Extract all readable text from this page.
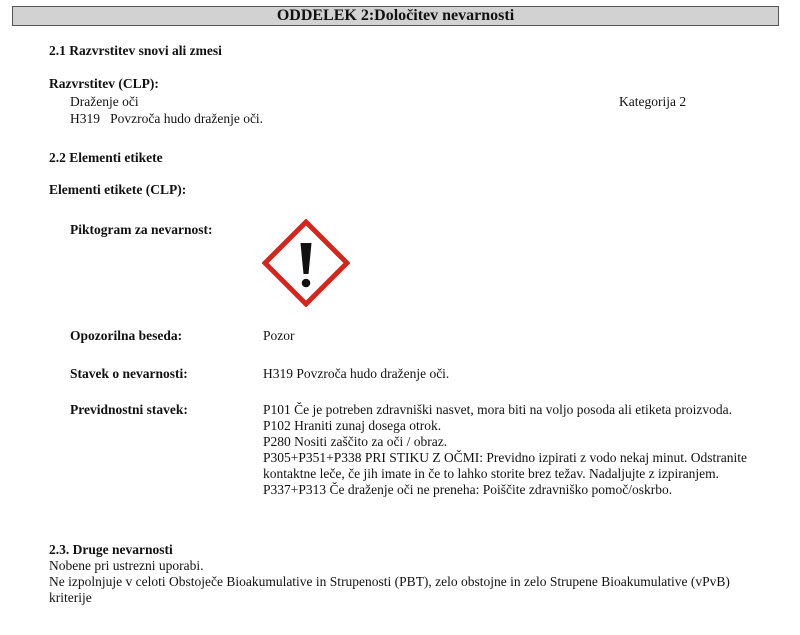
ODDELEK 2:Določitev nevarnosti
2.1 Razvrstitev snovi ali zmesi
Razvrstitev (CLP):
Draženje oči	Kategorija 2
H319 Povzroča hudo draženje oči.
2.2 Elementi etikete
Elementi etikete (CLP):
Piktogram za nevarnost:
Opozorilna beseda:	Pozor
Stavek o nevarnosti:	H319 Povzroča hudo draženje oči.
Previdnostni stavek:	P101 Če je potreben zdravniški nasvet, mora biti na voljo posoda ali etiketa proizvoda.
P102 Hraniti zunaj dosega otrok.
P280 Nositi zaščito za oči / obraz.
P305+P351+P338 PRI STIKU Z OČMI: Previdno izpirati z vodo nekaj minut. Odstranite
kontaktne leče, če jih imate in če to lahko storite brez težav. Nadaljujte z izpiranjem.
P337+P313 Če draženje oči ne preneha: Poiščite zdravniško pomoč/oskrbo.
2.3. Druge nevarnosti
Nobene pri ustrezni uporabi.
Ne izpolnjuje v celoti Obstoječe Bioakumulative in Strupenosti (PBT), zelo obstojne in zelo Strupene Bioakumulative (vPvB)
kriterije
